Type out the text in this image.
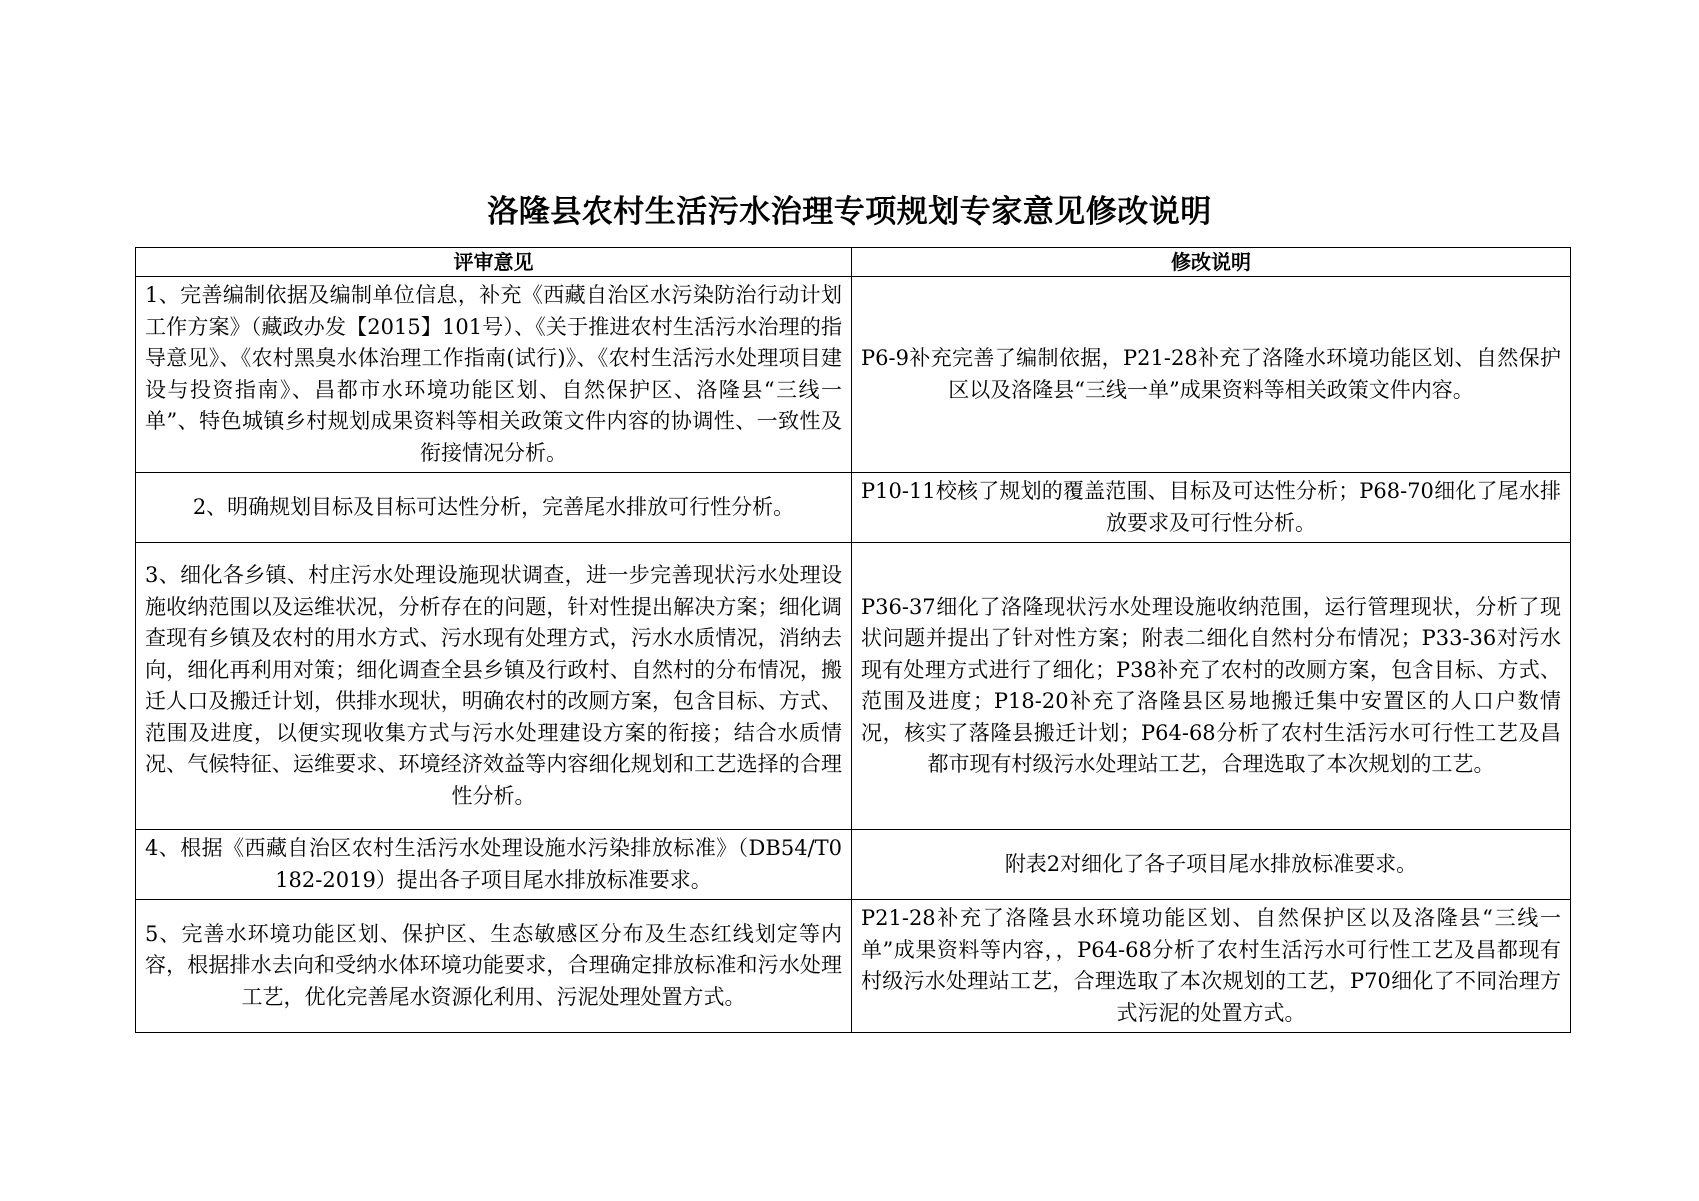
洛隆县农村生活污水治理专项规划专家意见修改说明
评审意见	修改说明

1、完善编制依据及编制单位信息，补充《西藏自治区水污染防治行动计划工作方案》（藏政办发【2015】101号）、《关于推进农村生活污水治理的指导意见》、《农村黑臭水体治理工作指南(试行)》、《农村生活污水处理项目建设与投资指南》、昌都市水环境功能区划、自然保护区、洛隆县“三线一单”、特色城镇乡村规划成果资料等相关政策文件内容的协调性、一致性及衔接情况分析。	P6-9补充完善了编制依据，P21-28补充了洛隆水环境功能区划、自然保护区以及洛隆县“三线一单”成果资料等相关政策文件内容。

2、明确规划目标及目标可达性分析，完善尾水排放可行性分析。	P10-11校核了规划的覆盖范围、目标及可达性分析；P68-70细化了尾水排放要求及可行性分析。

3、细化各乡镇、村庄污水处理设施现状调查，进一步完善现状污水处理设施收纳范围以及运维状况，分析存在的问题，针对性提出解决方案；细化调查现有乡镇及农村的用水方式、污水现有处理方式，污水水质情况，消纳去向，细化再利用对策；细化调查全县乡镇及行政村、自然村的分布情况，搬迁人口及搬迁计划，供排水现状，明确农村的改厕方案，包含目标、方式、范围及进度，以便实现收集方式与污水处理建设方案的衔接；结合水质情况、气候特征、运维要求、环境经济效益等内容细化规划和工艺选择的合理性分析。	P36-37细化了洛隆现状污水处理设施收纳范围，运行管理现状，分析了现状问题并提出了针对性方案；附表二细化自然村分布情况；P33-36对污水现有处理方式进行了细化；P38补充了农村的改厕方案，包含目标、方式、范围及进度；P18-20补充了洛隆县区易地搬迁集中安置区的人口户数情况，核实了落隆县搬迁计划；P64-68分析了农村生活污水可行性工艺及昌都市现有村级污水处理站工艺，合理选取了本次规划的工艺。

4、根据《西藏自治区农村生活污水处理设施水污染排放标准》（DB54/T0182-2019）提出各子项目尾水排放标准要求。	附表2对细化了各子项目尾水排放标准要求。

5、完善水环境功能区划、保护区、生态敏感区分布及生态红线划定等内容，根据排水去向和受纳水体环境功能要求，合理确定排放标准和污水处理工艺，优化完善尾水资源化利用、污泥处理处置方式。	P21-28补充了洛隆县水环境功能区划、自然保护区以及洛隆县“三线一单”成果资料等内容，，P64-68分析了农村生活污水可行性工艺及昌都现有村级污水处理站工艺，合理选取了本次规划的工艺，P70细化了不同治理方式污泥的处置方式。
